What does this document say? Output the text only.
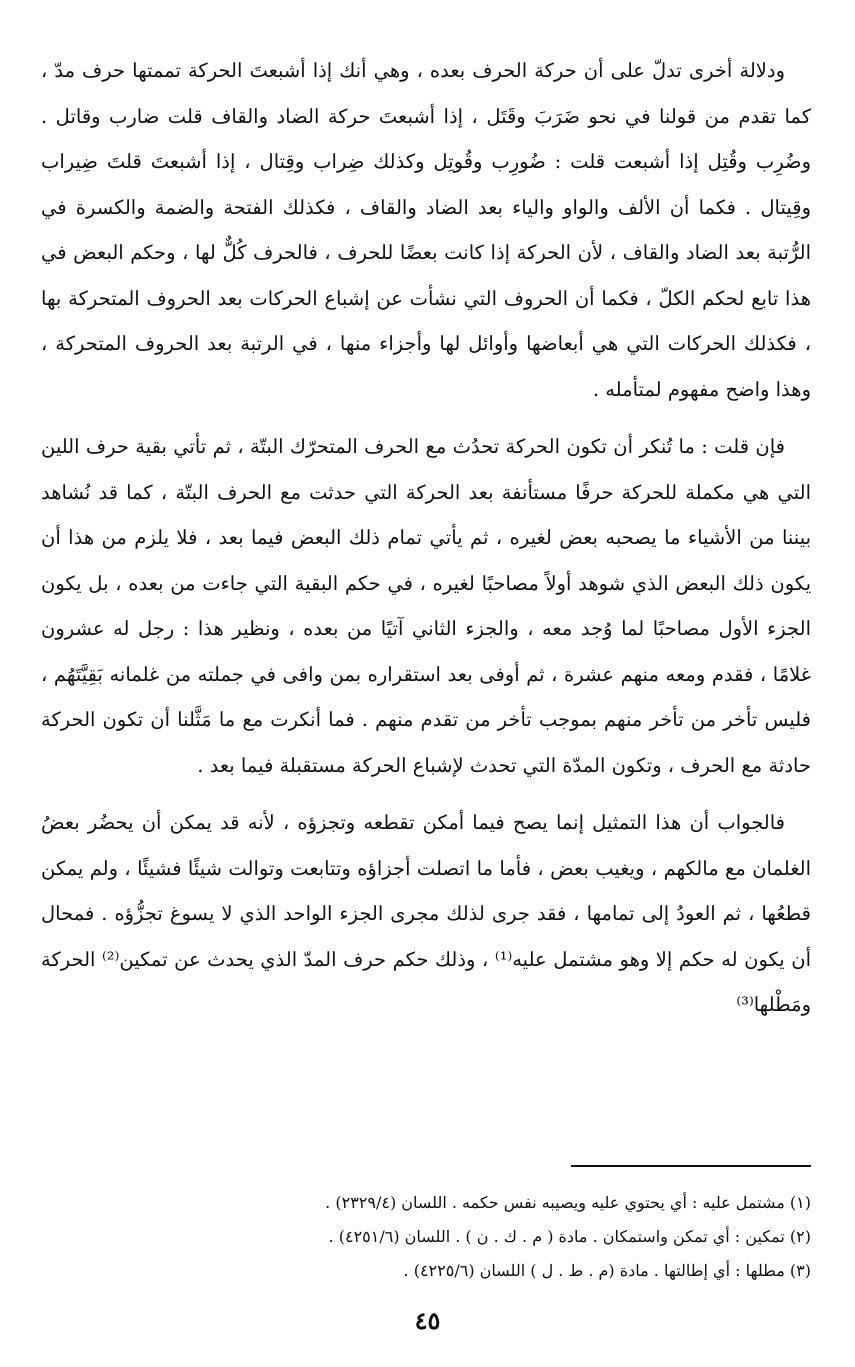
ودلالة أخرى تدلّ على أن حركة الحرف بعده ، وهي أنك إذا أشبعتَ الحركة تممتها حرف مدّ ، كما تقدم من قولنا في نحو ضَرَبَ وقَتَل ، إذا أشبعتَ حركة الضاد والقاف قلت ضارب وقاتل . وضُرِب وقُتِل إذا أشبعت قلت : ضُورِب وقُوتِل وكذلك ضِراب وقِتال ، إذا أشبعتَ قلتَ ضِيراب وقِيتال . فكما أن الألف والواو والياء بعد الضاد والقاف ، فكذلك الفتحة والضمة والكسرة في الرُّتبة بعد الضاد والقاف ، لأن الحركة إذا كانت بعضًا للحرف ، فالحرف كُلٌّ لها ، وحكم البعض في هذا تابع لحكم الكلّ ، فكما أن الحروف التي نشأت عن إشباع الحركات بعد الحروف المتحركة بها ، فكذلك الحركات التي هي أبعاضها وأوائل لها وأجزاء منها ، في الرتبة بعد الحروف المتحركة ، وهذا واضح مفهوم لمتأمله .

فإن قلت : ما تُنكر أن تكون الحركة تحدُث مع الحرف المتحرّك البتّة ، ثم تأتي بقية حرف اللين التي هي مكملة للحركة حرفًا مستأنفة بعد الحركة التي حدثت مع الحرف البتّة ، كما قد نُشاهد بيننا من الأشياء ما يصحبه بعض لغيره ، ثم يأتي تمام ذلك البعض فيما بعد ، فلا يلزم من هذا أن يكون ذلك البعض الذي شوهد أولاً مصاحبًا لغيره ، في حكم البقية التي جاءت من بعده ، بل يكون الجزء الأول مصاحبًا لما وُجد معه ، والجزء الثاني آتيًا من بعده ، ونظير هذا : رجل له عشرون غلامًا ، فقدم ومعه منهم عشرة ، ثم أوفى بعد استقراره بمن وافى في جملته من غلمانه بَقِيَّتَهُم ، فليس تأخر من تأخر منهم بموجب تأخر من تقدم منهم . فما أنكرت مع ما مَثَّلنا أن تكون الحركة حادثة مع الحرف ، وتكون المدّة التي تحدث لإشباع الحركة مستقبلة فيما بعد .

فالجواب أن هذا التمثيل إنما يصح فيما أمكن تقطعه وتجزؤه ، لأنه قد يمكن أن يحضُر بعضُ الغلمان مع مالكهم ، ويغيب بعض ، فأما ما اتصلت أجزاؤه وتتابعت وتوالت شيئًا فشيئًا ، ولم يمكن قطعُها ، ثم العودُ إلى تمامها ، فقد جرى لذلك مجرى الجزء الواحد الذي لا يسوغ تجزُّؤه . فمحال أن يكون له حكم إلا وهو مشتمل عليه⁽¹⁾ ، وذلك حكم حرف المدّ الذي يحدث عن تمكين⁽²⁾ الحركة ومَطْلها⁽³⁾

(١) مشتمل عليه : أي يحتوي عليه ويصيبه نفس حكمه . اللسان (٢٣٢٩/٤) .
(٢) تمكين : أي تمكن واستمكان . مادة ( م . ك . ن ) . اللسان (٤٢٥١/٦) .
(٣) مطلها : أي إطالتها . مادة (م . ط . ل ) اللسان (٤٢٢٥/٦) .
٤٥
